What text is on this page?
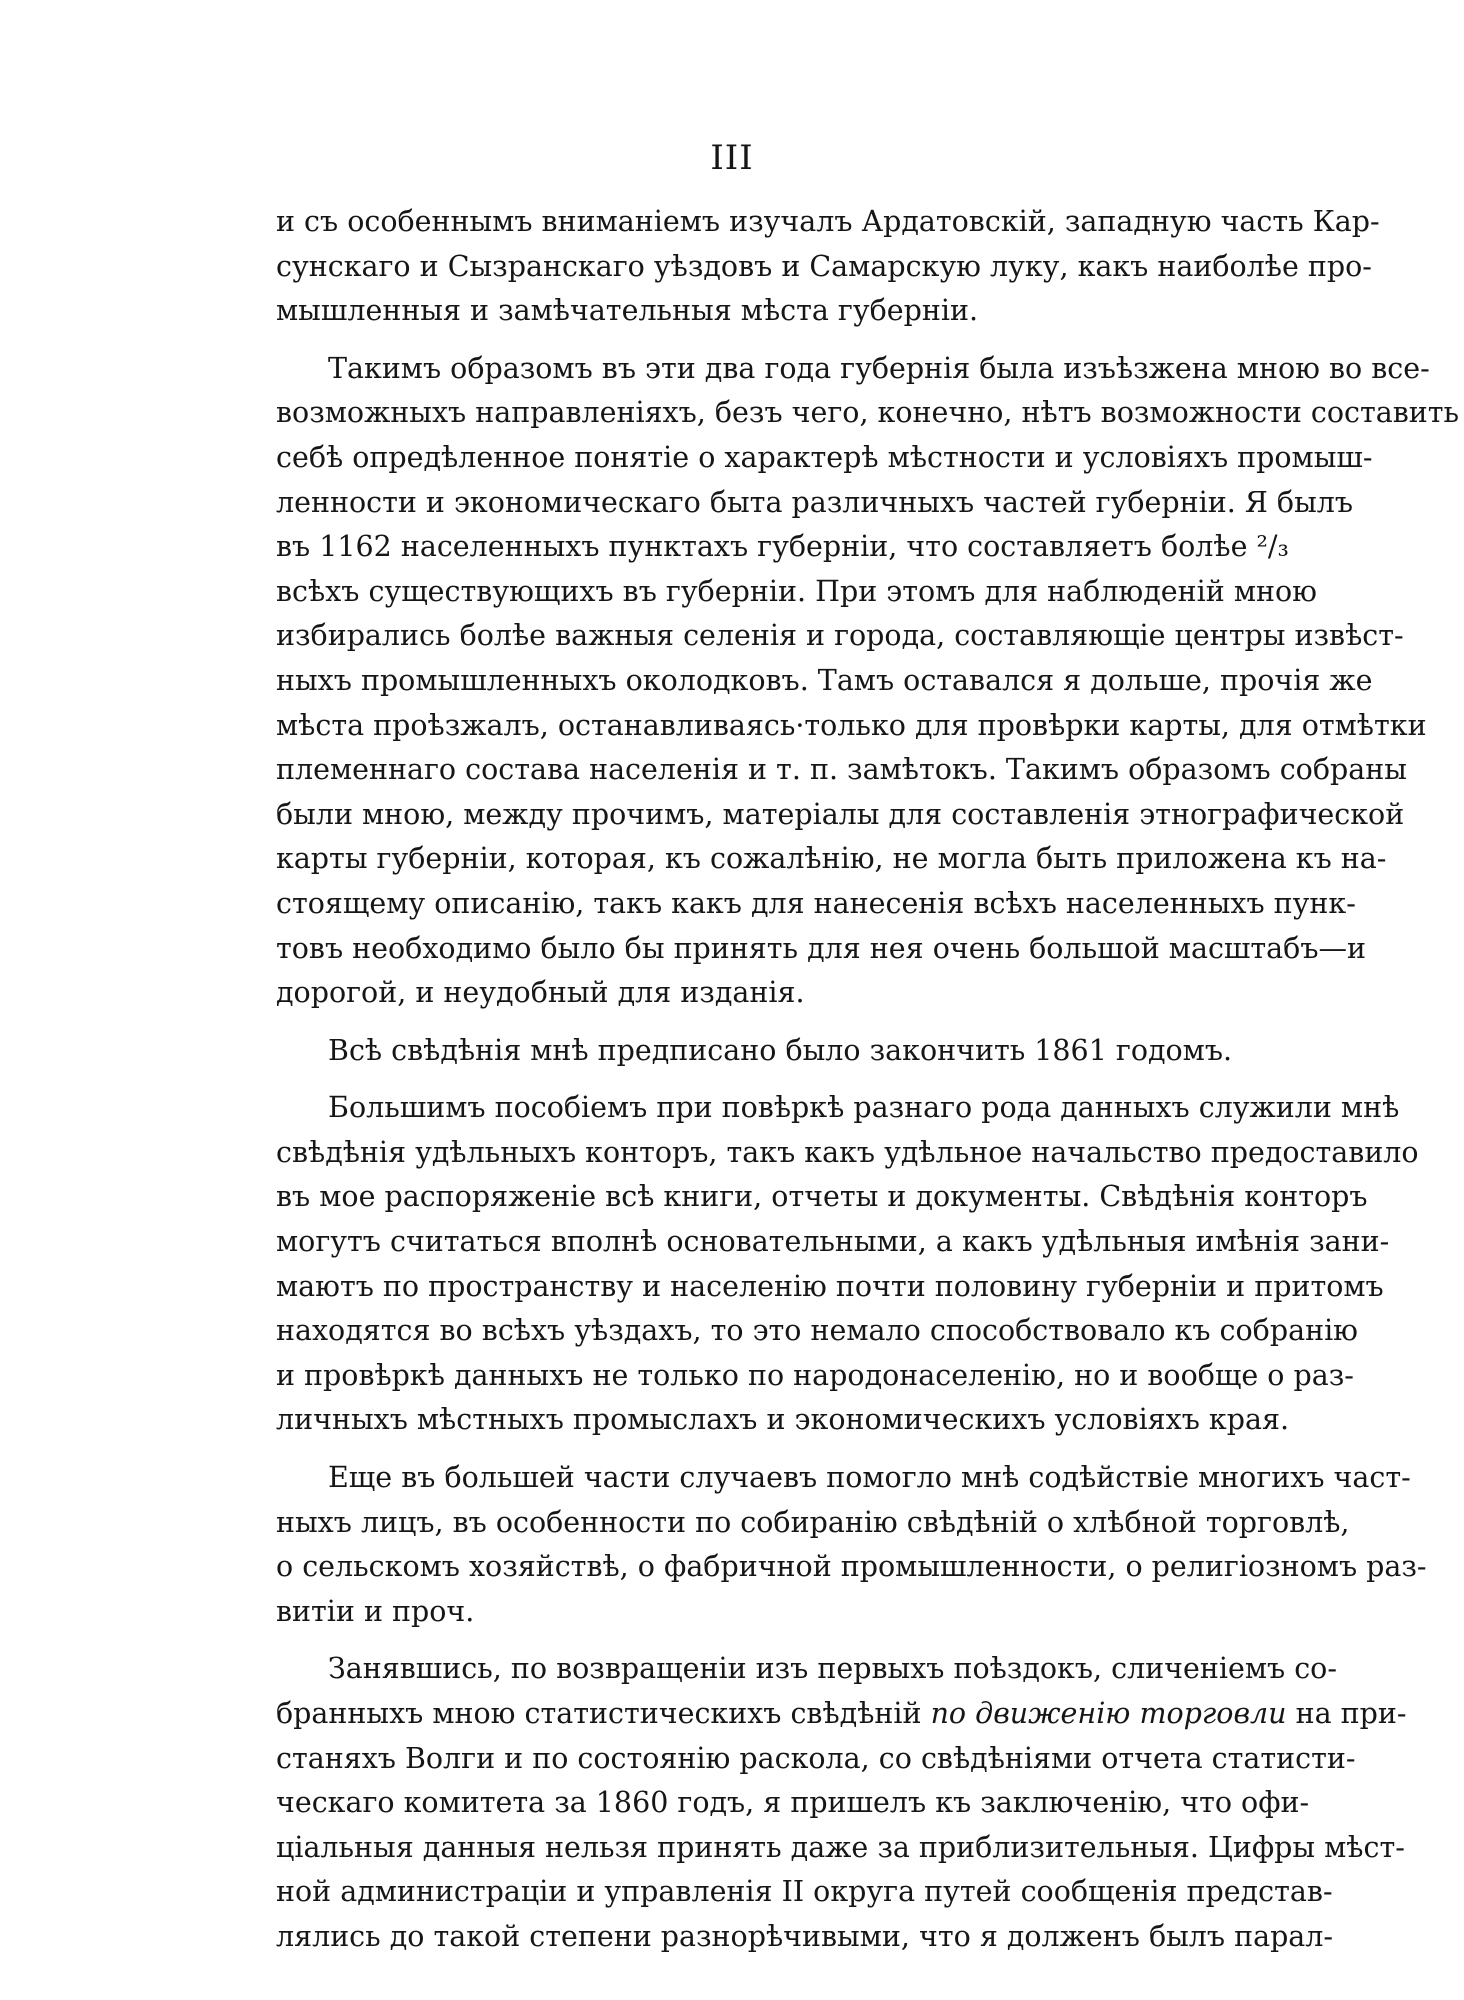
III
и съ особеннымъ вниманіемъ изучалъ Ардатовскій, западную часть Кар-
сунскаго и Сызранскаго уѣздовъ и Самарскую луку, какъ наиболѣе про-
мышленныя и замѣчательныя мѣста губерніи.
Такимъ образомъ въ эти два года губернія была изъѣзжена мною во все-
возможныхъ направленіяхъ, безъ чего, конечно, нѣтъ возможности составить
себѣ опредѣленное понятіе о характерѣ мѣстности и условіяхъ промыш-
ленности и экономическаго быта различныхъ частей губерніи. Я былъ
въ 1162 населенныхъ пунктахъ губерніи, что составляетъ болѣе ²/₃
всѣхъ существующихъ въ губерніи. При этомъ для наблюденій мною
избирались болѣе важныя селенія и города, составляющіе центры извѣст-
ныхъ промышленныхъ околодковъ. Тамъ оставался я дольше, прочія же
мѣста проѣзжалъ, останавливаясь·только для провѣрки карты, для отмѣтки
племеннаго состава населенія и т. п. замѣтокъ. Такимъ образомъ собраны
были мною, между прочимъ, матеріалы для составленія этнографической
карты губерніи, которая, къ сожалѣнію, не могла быть приложена къ на-
стоящему описанію, такъ какъ для нанесенія всѣхъ населенныхъ пунк-
товъ необходимо было бы принять для нея очень большой масштабъ—и
дорогой, и неудобный для изданія.
Всѣ свѣдѣнія мнѣ предписано было закончить 1861 годомъ.
Большимъ пособіемъ при повѣркѣ разнаго рода данныхъ служили мнѣ
свѣдѣнія удѣльныхъ конторъ, такъ какъ удѣльное начальство предоставило
въ мое распоряженіе всѣ книги, отчеты и документы. Свѣдѣнія конторъ
могутъ считаться вполнѣ основательными, а какъ удѣльныя имѣнія зани-
маютъ по пространству и населенію почти половину губерніи и притомъ
находятся во всѣхъ уѣздахъ, то это немало способствовало къ собранію
и провѣркѣ данныхъ не только по народонаселенію, но и вообще о раз-
личныхъ мѣстныхъ промыслахъ и экономическихъ условіяхъ края.
Еще въ большей части случаевъ помогло мнѣ содѣйствіе многихъ част-
ныхъ лицъ, въ особенности по собиранію свѣдѣній о хлѣбной торговлѣ,
о сельскомъ хозяйствѣ, о фабричной промышленности, о религіозномъ раз-
витіи и проч.
Занявшись, по возвращеніи изъ первыхъ поѣздокъ, сличеніемъ со-
бранныхъ мною статистическихъ свѣдѣній по движенію торговли на при-
станяхъ Волги и по состоянію раскола, со свѣдѣніями отчета статисти-
ческаго комитета за 1860 годъ, я пришелъ къ заключенію, что офи-
ціальныя данныя нельзя принять даже за приблизительныя. Цифры мѣст-
ной администраціи и управленія II округа путей сообщенія представ-
лялись до такой степени разнорѣчивыми, что я долженъ былъ парал-
